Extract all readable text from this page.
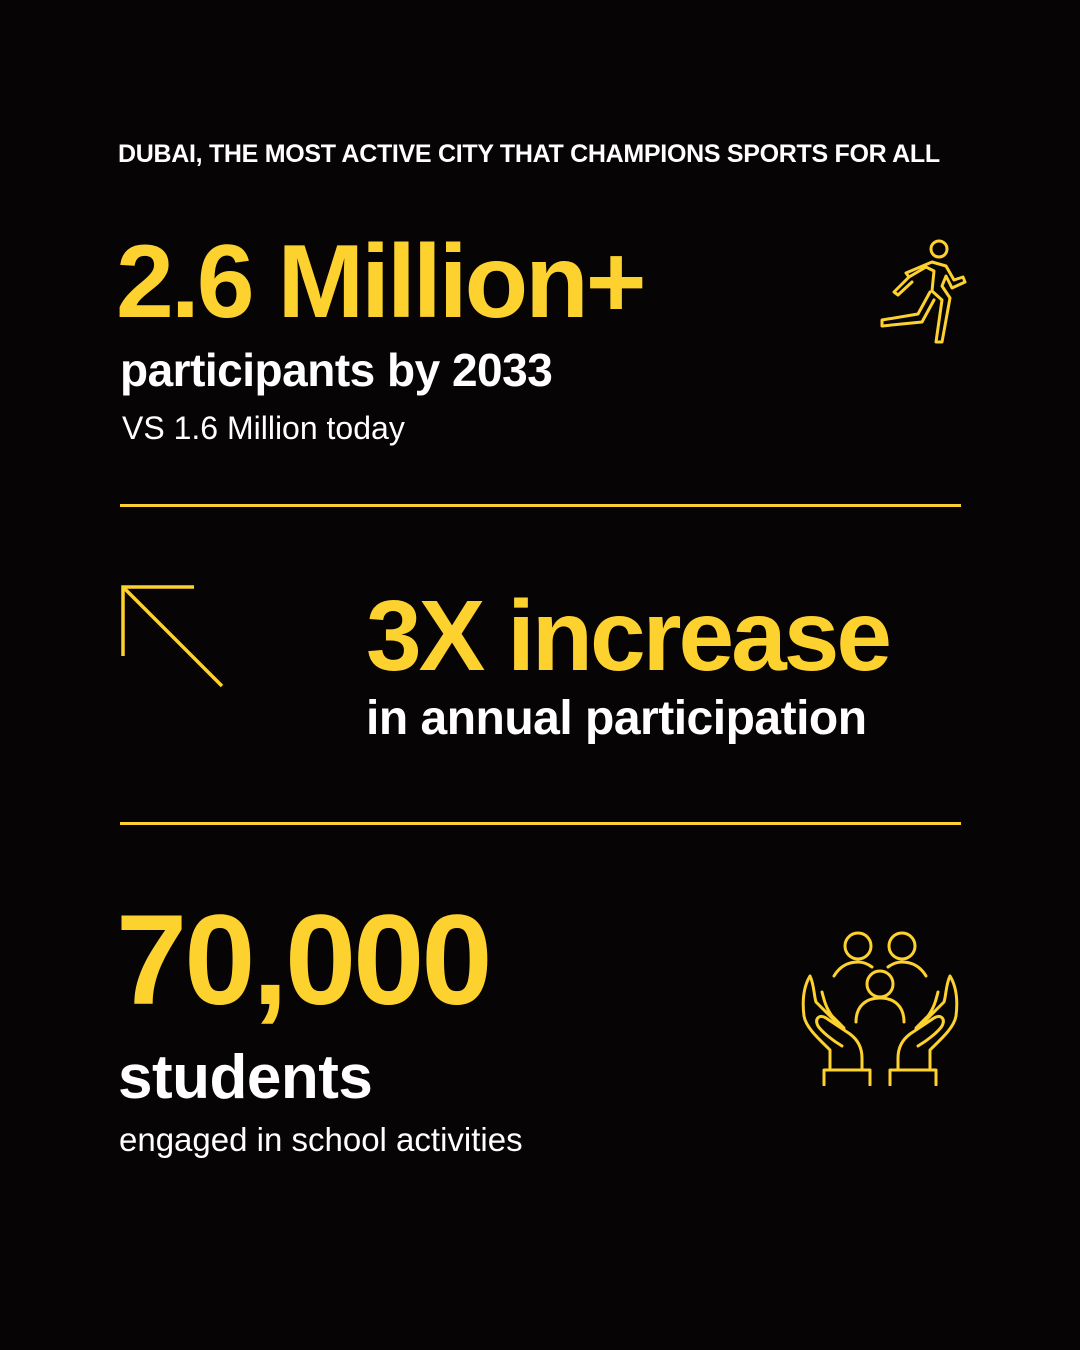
DUBAI, THE MOST ACTIVE CITY THAT CHAMPIONS SPORTS FOR ALL
2.6 Million+
participants by 2033
VS 1.6 Million today
3X increase
in annual participation
70,000
students
engaged in school activities
